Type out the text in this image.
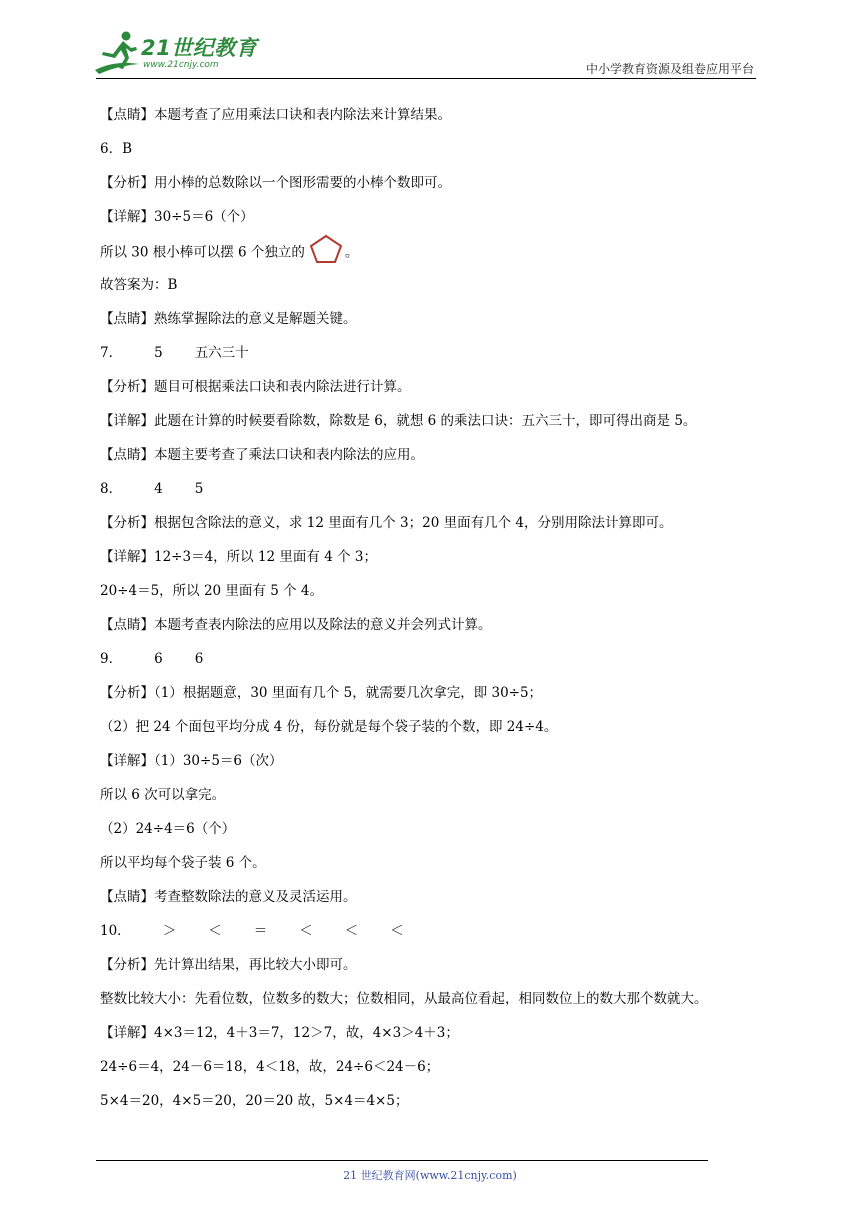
21世纪教育
www.21cnjy.com	中小学教育资源及组卷应用平台
【点睛】本题考查了应用乘法口诀和表内除法来计算结果。
6．B
【分析】用小棒的总数除以一个图形需要的小棒个数即可。
【详解】30÷5＝6（个）
所以 30 根小棒可以摆 6 个独立的	。
故答案为：B
【点睛】熟练掌握除法的意义是解题关键。
7． 5 五六三十
【分析】题目可根据乘法口诀和表内除法进行计算。
【详解】此题在计算的时候要看除数，除数是 6，就想 6 的乘法口诀：五六三十，即可得出商是 5。
【点睛】本题主要考查了乘法口诀和表内除法的应用。
8． 4 5
【分析】根据包含除法的意义，求 12 里面有几个 3；20 里面有几个 4，分别用除法计算即可。
【详解】12÷3＝4，所以 12 里面有 4 个 3；
20÷4＝5，所以 20 里面有 5 个 4。
【点睛】本题考查表内除法的应用以及除法的意义并会列式计算。
9． 6 6
【分析】（1）根据题意，30 里面有几个 5，就需要几次拿完，即 30÷5；
（2）把 24 个面包平均分成 4 份，每份就是每个袋子装的个数，即 24÷4。
【详解】（1）30÷5＝6（次）
所以 6 次可以拿完。
（2）24÷4＝6（个）
所以平均每个袋子装 6 个。
【点睛】考查整数除法的意义及灵活运用。
10． ＞ ＜ ＝ ＜ ＜ ＜
【分析】先计算出结果，再比较大小即可。
整数比较大小：先看位数，位数多的数大；位数相同，从最高位看起，相同数位上的数大那个数就大。
【详解】4×3＝12，4＋3＝7，12＞7，故，4×3＞4＋3；
24÷6＝4，24－6＝18，4＜18，故，24÷6＜24－6；
5×4＝20，4×5＝20，20＝20 故，5×4＝4×5；
21 世纪教育网(www.21cnjy.com)
